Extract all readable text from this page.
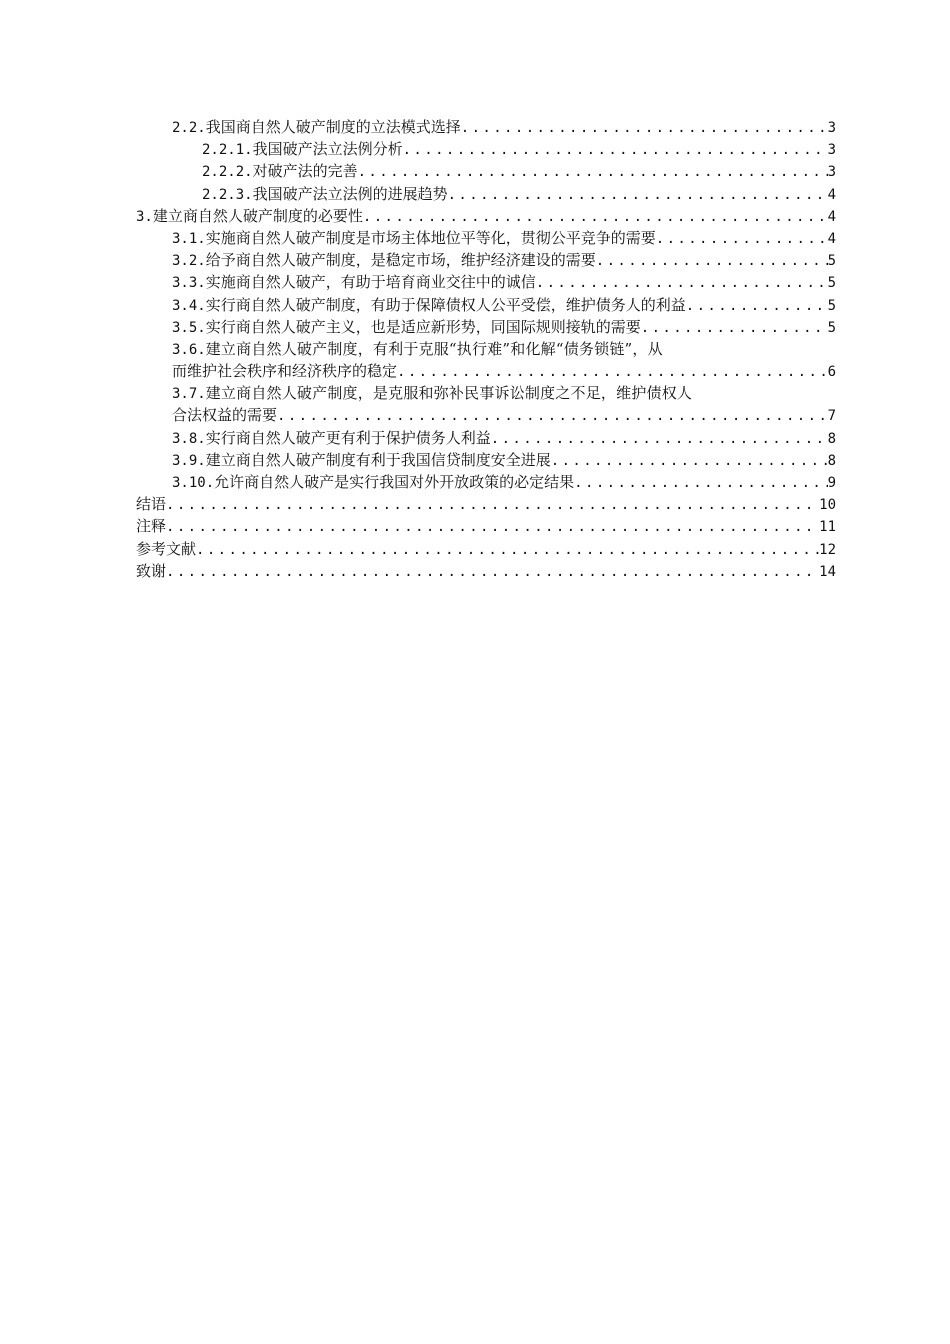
2.2. 我国商自然人破产制度的立法模式选择 .....	3
2.2.1. 我国破产法立法例分析 .....	3
2.2.2. 对破产法的完善 .....	3
2.2.3. 我国破产法立法例的进展趋势 .....	4
3. 建立商自然人破产制度的必要性 .....	4
3.1. 实施商自然人破产制度是市场主体地位平等化，贯彻公平竞争的需要 .....	4
3.2. 给予商自然人破产制度，是稳定市场，维护经济建设的需要 .....	5
3.3. 实施商自然人破产，有助于培育商业交往中的诚信 .....	5
3.4. 实行商自然人破产制度，有助于保障债权人公平受偿，维护债务人的利益 .....	5
3.5. 实行商自然人破产主义，也是适应新形势，同国际规则接轨的需要 .....	5
3.6.建立商自然人破产制度，有利于克服“执行难”和化解“债务锁链”，从
而维护社会秩序和经济秩序的稳定 .....	6
3.7.建立商自然人破产制度，是克服和弥补民事诉讼制度之不足，维护债权人
合法权益的需要 .....	7
3.8. 实行商自然人破产更有利于保护债务人利益 .....	8
3.9. 建立商自然人破产制度有利于我国信贷制度安全进展 .....	8
3.10. 允许商自然人破产是实行我国对外开放政策的必定结果 .....	9
结语 .....	10
注释 .....	11
参考文献 .....	12
致谢 .....	14
